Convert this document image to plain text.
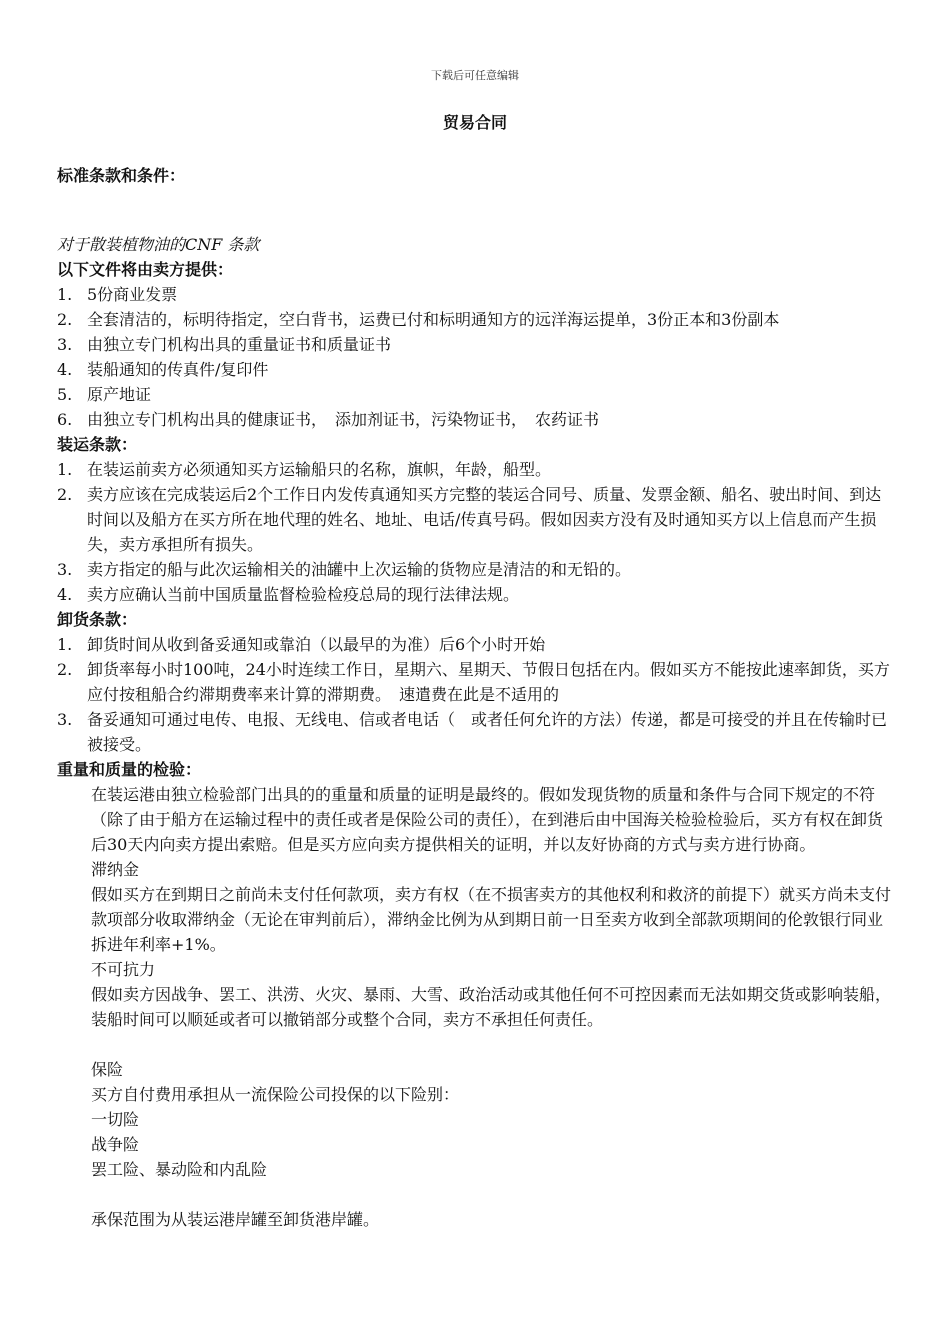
下载后可任意编辑
贸易合同

标准条款和条件：

对于散装植物油的CNF 条款

以下文件将由卖方提供：

1. 5份商业发票
2. 全套清洁的，标明待指定，空白背书，运费已付和标明通知方的远洋海运提单，3份正本和3份副本
3. 由独立专门机构出具的重量证书和质量证书
4. 装船通知的传真件/复印件
5. 原产地证
6. 由独立专门机构出具的健康证书，　添加剂证书，污染物证书，　农药证书

装运条款：

1. 在装运前卖方必须通知买方运输船只的名称，旗帜，年龄，船型。
2. 卖方应该在完成装运后2个工作日内发传真通知买方完整的装运合同号、质量、发票金额、船名、驶出时间、到达时间以及船方在买方所在地代理的姓名、地址、电话/传真号码。假如因卖方没有及时通知买方以上信息而产生损失，卖方承担所有损失。
3. 卖方指定的船与此次运输相关的油罐中上次运输的货物应是清洁的和无铅的。
4. 卖方应确认当前中国质量监督检验检疫总局的现行法律法规。

卸货条款：

1. 卸货时间从收到备妥通知或靠泊（以最早的为准）后6个小时开始
2. 卸货率每小时100吨，24小时连续工作日，星期六、星期天、节假日包括在内。假如买方不能按此速率卸货，买方应付按租船合约滞期费率来计算的滞期费。　速遣费在此是不适用的
3. 备妥通知可通过电传、电报、无线电、信或者电话（　或者任何允许的方法）传递，都是可接受的并且在传输时已被接受。

重量和质量的检验：

在装运港由独立检验部门出具的的重量和质量的证明是最终的。假如发现货物的质量和条件与合同下规定的不符（除了由于船方在运输过程中的责任或者是保险公司的责任），在到港后由中国海关检验检验后，买方有权在卸货后30天内向卖方提出索赔。但是买方应向卖方提供相关的证明，并以友好协商的方式与卖方进行协商。

滞纳金

假如买方在到期日之前尚未支付任何款项，卖方有权（在不损害卖方的其他权利和救济的前提下）就买方尚未支付款项部分收取滞纳金（无论在审判前后），滞纳金比例为从到期日前一日至卖方收到全部款项期间的伦敦银行同业拆进年利率+1%。

不可抗力

假如卖方因战争、罢工、洪涝、火灾、暴雨、大雪、政治活动或其他任何不可控因素而无法如期交货或影响装船，装船时间可以顺延或者可以撤销部分或整个合同，卖方不承担任何责任。

保险

买方自付费用承担从一流保险公司投保的以下险别：

一切险

战争险

罢工险、暴动险和内乱险

承保范围为从装运港岸罐至卸货港岸罐。
